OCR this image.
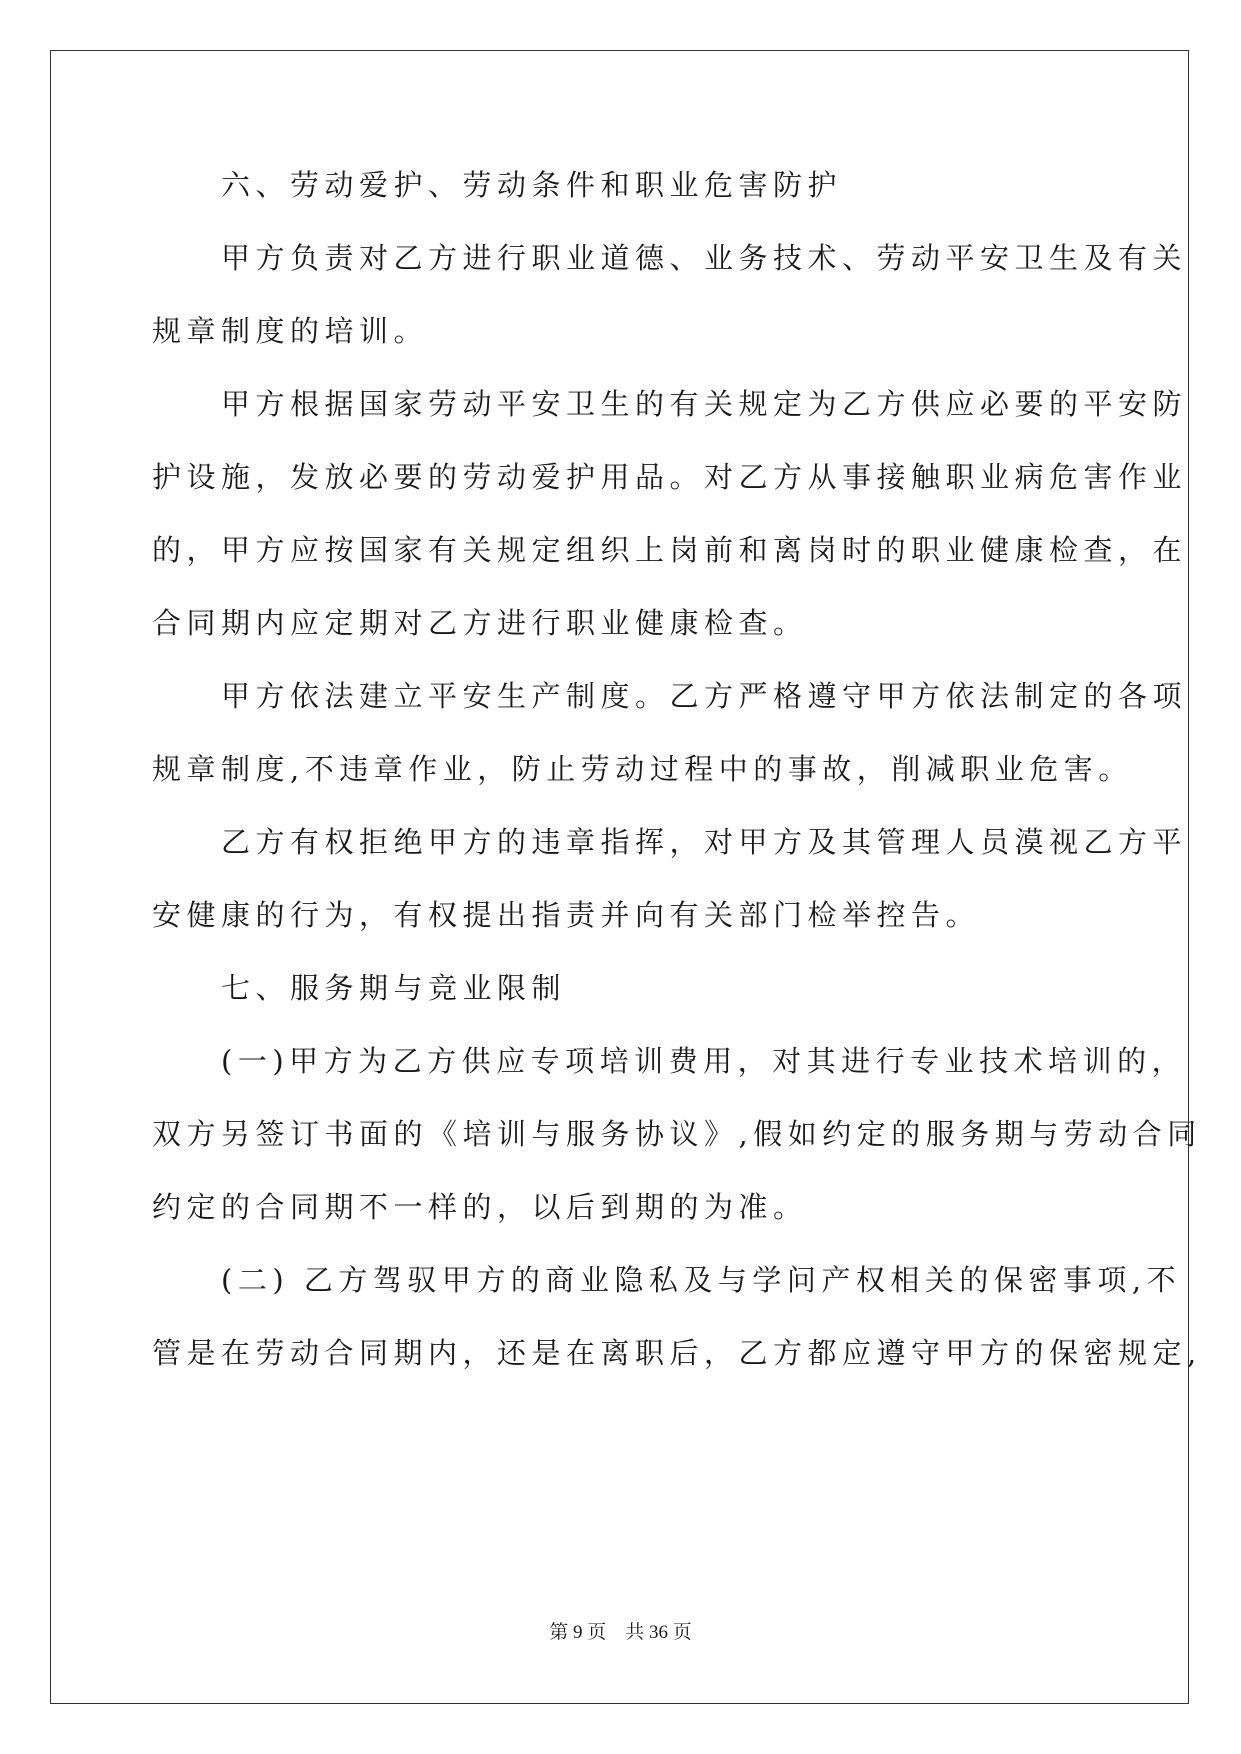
　　六、劳动爱护、劳动条件和职业危害防护
　　甲方负责对乙方进行职业道德、业务技术、劳动平安卫生及有关
规章制度的培训。
　　甲方根据国家劳动平安卫生的有关规定为乙方供应必要的平安防
护设施，发放必要的劳动爱护用品。对乙方从事接触职业病危害作业
的，甲方应按国家有关规定组织上岗前和离岗时的职业健康检查，在
合同期内应定期对乙方进行职业健康检查。
　　甲方依法建立平安生产制度。乙方严格遵守甲方依法制定的各项
规章制度,不违章作业，防止劳动过程中的事故，削减职业危害。
　　乙方有权拒绝甲方的违章指挥，对甲方及其管理人员漠视乙方平
安健康的行为，有权提出指责并向有关部门检举控告。
　　七、服务期与竞业限制
　　(一)甲方为乙方供应专项培训费用，对其进行专业技术培训的，
双方另签订书面的《培训与服务协议》,假如约定的服务期与劳动合同
约定的合同期不一样的，以后到期的为准。
　　(二) 乙方驾驭甲方的商业隐私及与学问产权相关的保密事项,不
管是在劳动合同期内，还是在离职后，乙方都应遵守甲方的保密规定,
第 9 页　共 36 页
